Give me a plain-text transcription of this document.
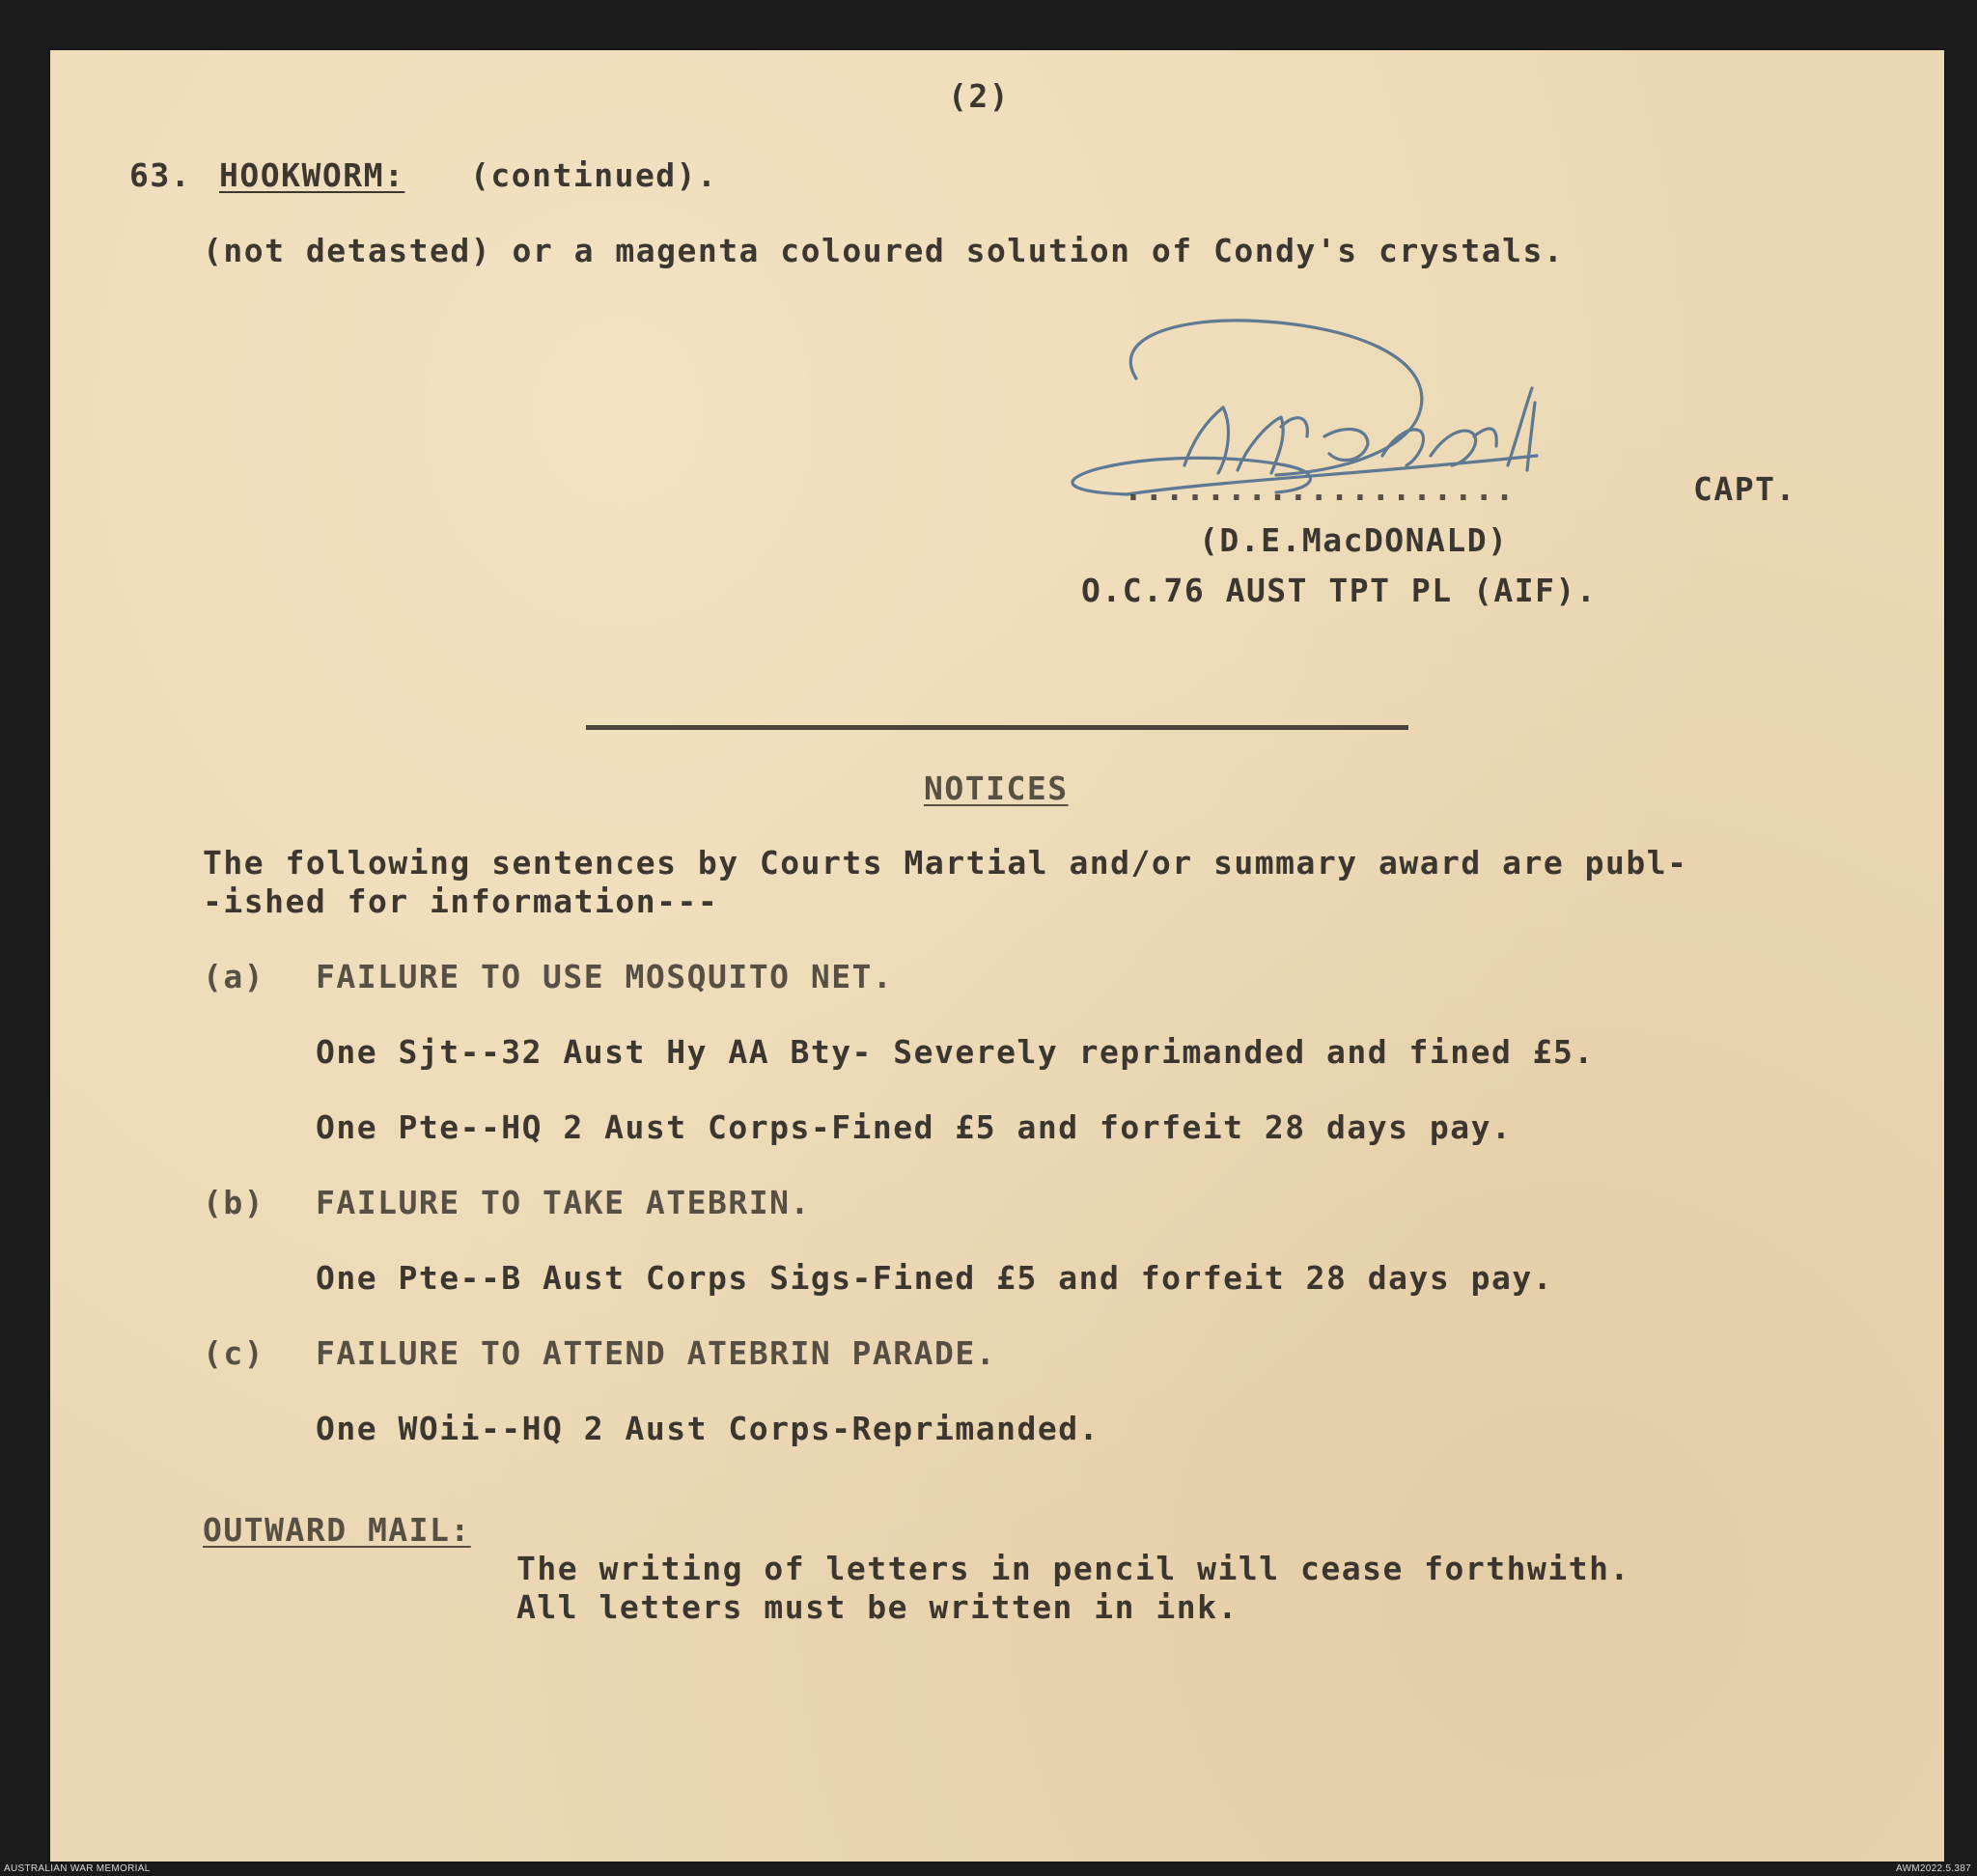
(2)
63. HOOKWORM: (continued).
(not detasted) or a magenta coloured solution of Condy's crystals.
D.E.MacDonald
...................	CAPT.
(D.E.MacDONALD)
O.C.76 AUST TPT PL (AIF).
NOTICES
The following sentences by Courts Martial and/or summary award are publ-
-ished for information---
(a) FAILURE TO USE MOSQUITO NET.
One Sjt--32 Aust Hy AA Bty- Severely reprimanded and fined £5.
One Pte--HQ 2 Aust Corps-Fined £5 and forfeit 28 days pay.
(b) FAILURE TO TAKE ATEBRIN.
One Pte--B Aust Corps Sigs-Fined £5 and forfeit 28 days pay.
(c) FAILURE TO ATTEND ATEBRIN PARADE.
One WOii--HQ 2 Aust Corps-Reprimanded.
OUTWARD MAIL:
The writing of letters in pencil will cease forthwith.
All letters must be written in ink.
AUSTRALIAN WAR MEMORIAL	AWM2022.5.387
